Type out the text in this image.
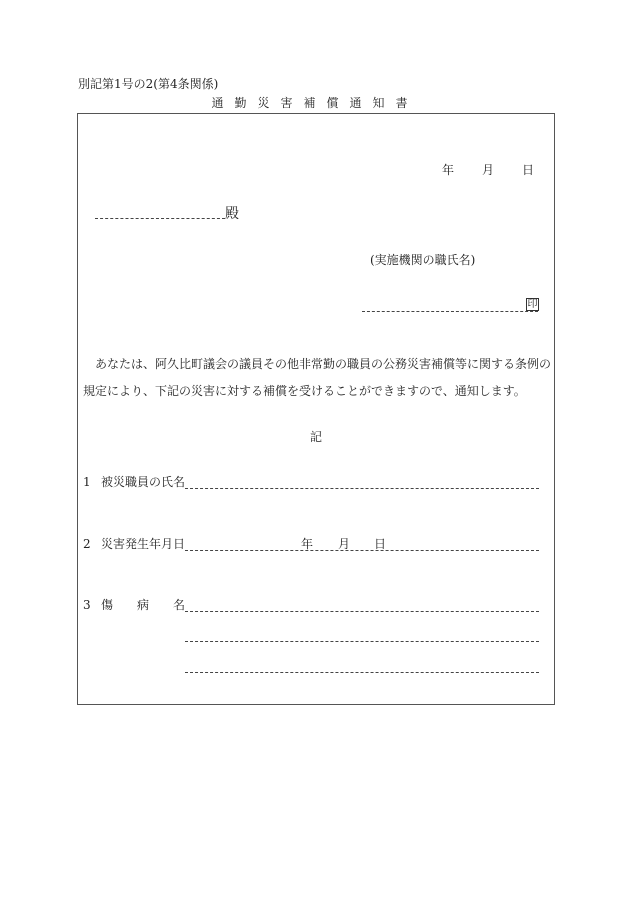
別記第1号の2(第4条関係)
通勤災害補償通知書
年 月 日
殿
(実施機関の職氏名)
印
あなたは、阿久比町議会の議員その他非常勤の職員の公務災害補償等に関する条例の
規定により、下記の災害に対する補償を受けることができますので、通知します。
記
1 被災職員の氏名
2 災害発生年月日	年 月 日
3 傷　　病　　名
